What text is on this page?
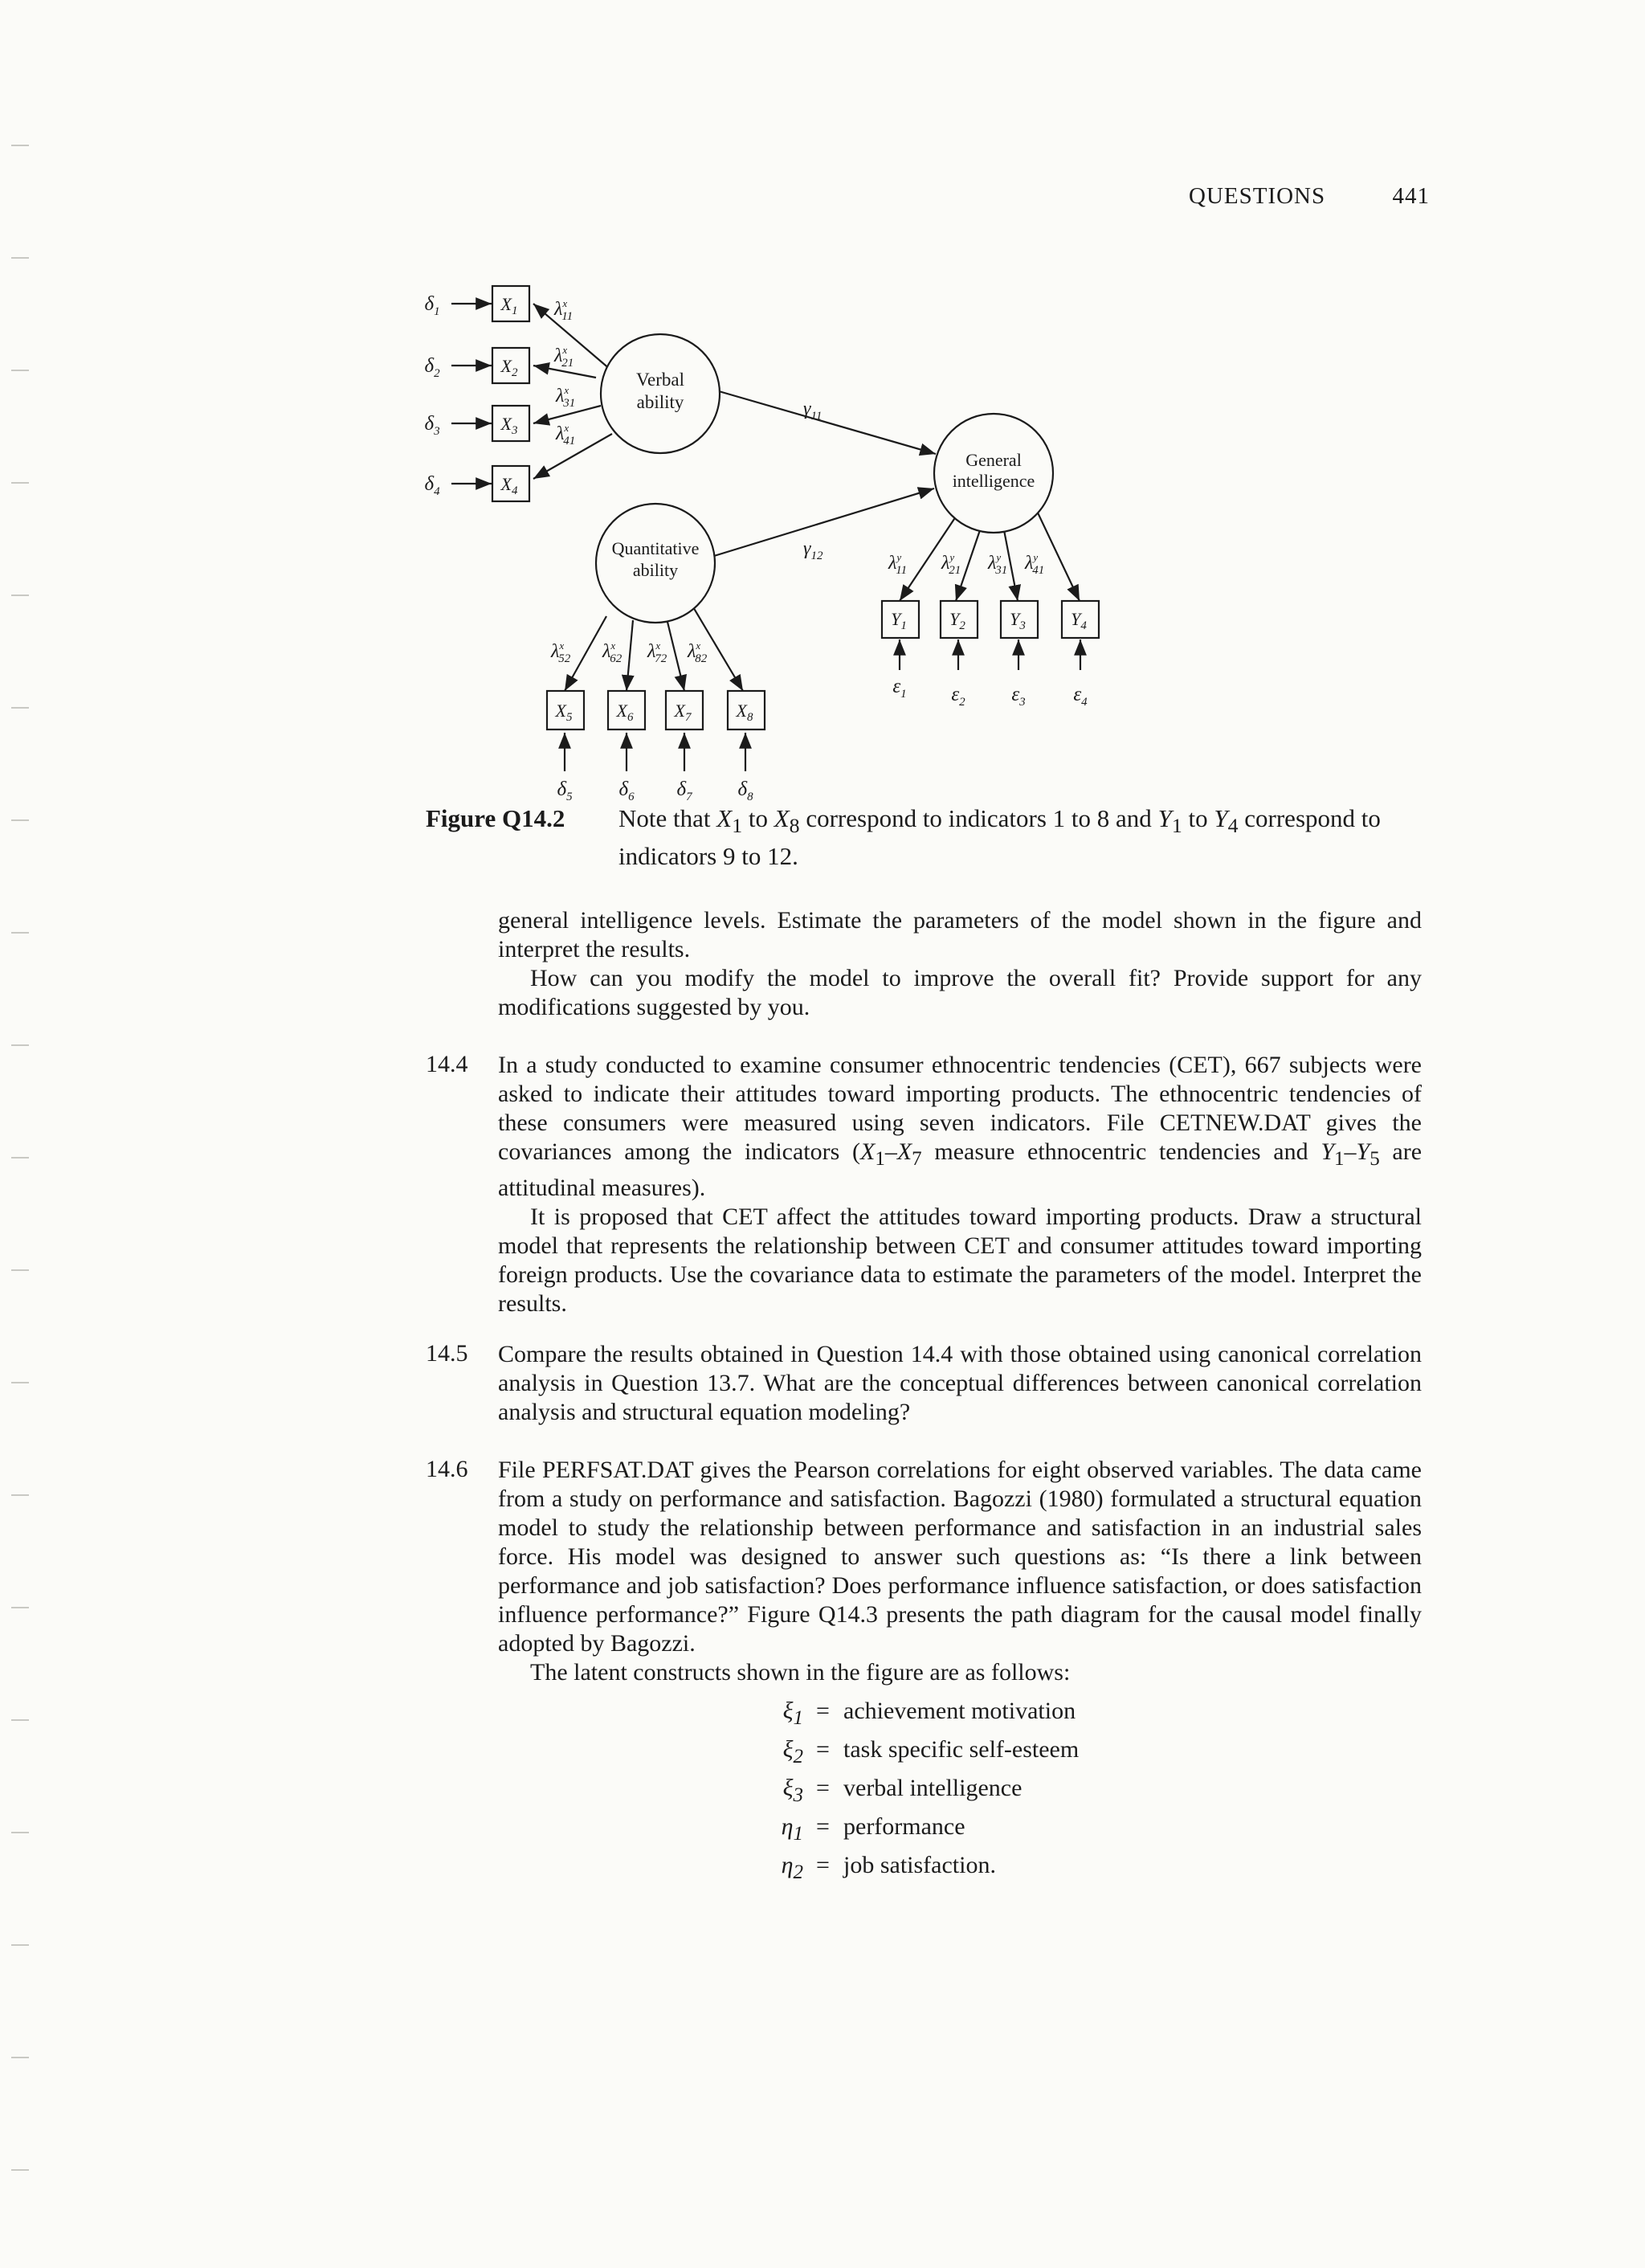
QUESTIONS	441
Verbal
ability
Quantitative
ability
General
intelligence
$X_1$
$X_2$
$X_3$
$X_4$
$X_5$	$X_6$ $X_7$	$X_8$
$Y_1$ $Y_2$	$Y_3$	$Y_4$
$\delta_1$
$\delta_2$
$\delta_3$
$\delta_4$
$\delta_5$ $\delta_6$ $\delta_7$ $\delta_8$
$\varepsilon_1$ $\varepsilon_2$ $\varepsilon_3$ $\varepsilon_4$
$\lambda^x$ 11
$\lambda^x$ 21
$\lambda^x$ 31
$\lambda^x$ 41
$\lambda^x$ 52 $\lambda^x$ 62 $\lambda^x$ 72 $\lambda^x$ 82
$\lambda^y$ 11 $\lambda^y$ 21 $\lambda^y$ 31 $\lambda^y$ 41
$\gamma_{11}$
$\gamma_{12}$
Figure Q14.2 Note that $X_1$ to $X_8$ correspond to indicators 1 to 8 and $Y_1$ to $Y_4$ correspond to indicators 9 to 12.
general intelligence levels. Estimate the parameters of the model shown in the figure and interpret the results.
How can you modify the model to improve the overall fit? Provide support for any modifications suggested by you.
14.4 In a study conducted to examine consumer ethnocentric tendencies (CET), 667 subjects were asked to indicate their attitudes toward importing products. The ethnocentric tendencies of these consumers were measured using seven indicators. File CETNEW.DAT gives the covariances among the indicators ($X_1-X_7$ measure ethnocentric tendencies and $Y_1-Y_5$ are attitudinal measures).
It is proposed that CET affect the attitudes toward importing products. Draw a structural model that represents the relationship between CET and consumer attitudes toward importing foreign products. Use the covariance data to estimate the parameters of the model. Interpret the results.
14.5 Compare the results obtained in Question 14.4 with those obtained using canonical correlation analysis in Question 13.7. What are the conceptual differences between canonical correlation analysis and structural equation modeling?
14.6 File PERFSAT.DAT gives the Pearson correlations for eight observed variables. The data came from a study on performance and satisfaction. Bagozzi (1980) formulated a structural equation model to study the relationship between performance and satisfaction in an industrial sales force. His model was designed to answer such questions as: “Is there a link between performance and job satisfaction? Does performance influence satisfaction, or does satisfaction influence performance?” Figure Q14.3 presents the path diagram for the causal model finally adopted by Bagozzi.
The latent constructs shown in the figure are as follows:
$\xi_1$ = achievement motivation
$\xi_2$ = task specific self-esteem
$\xi_3$ = verbal intelligence
$\eta_1$ = performance
$\eta_2$ = job satisfaction.
